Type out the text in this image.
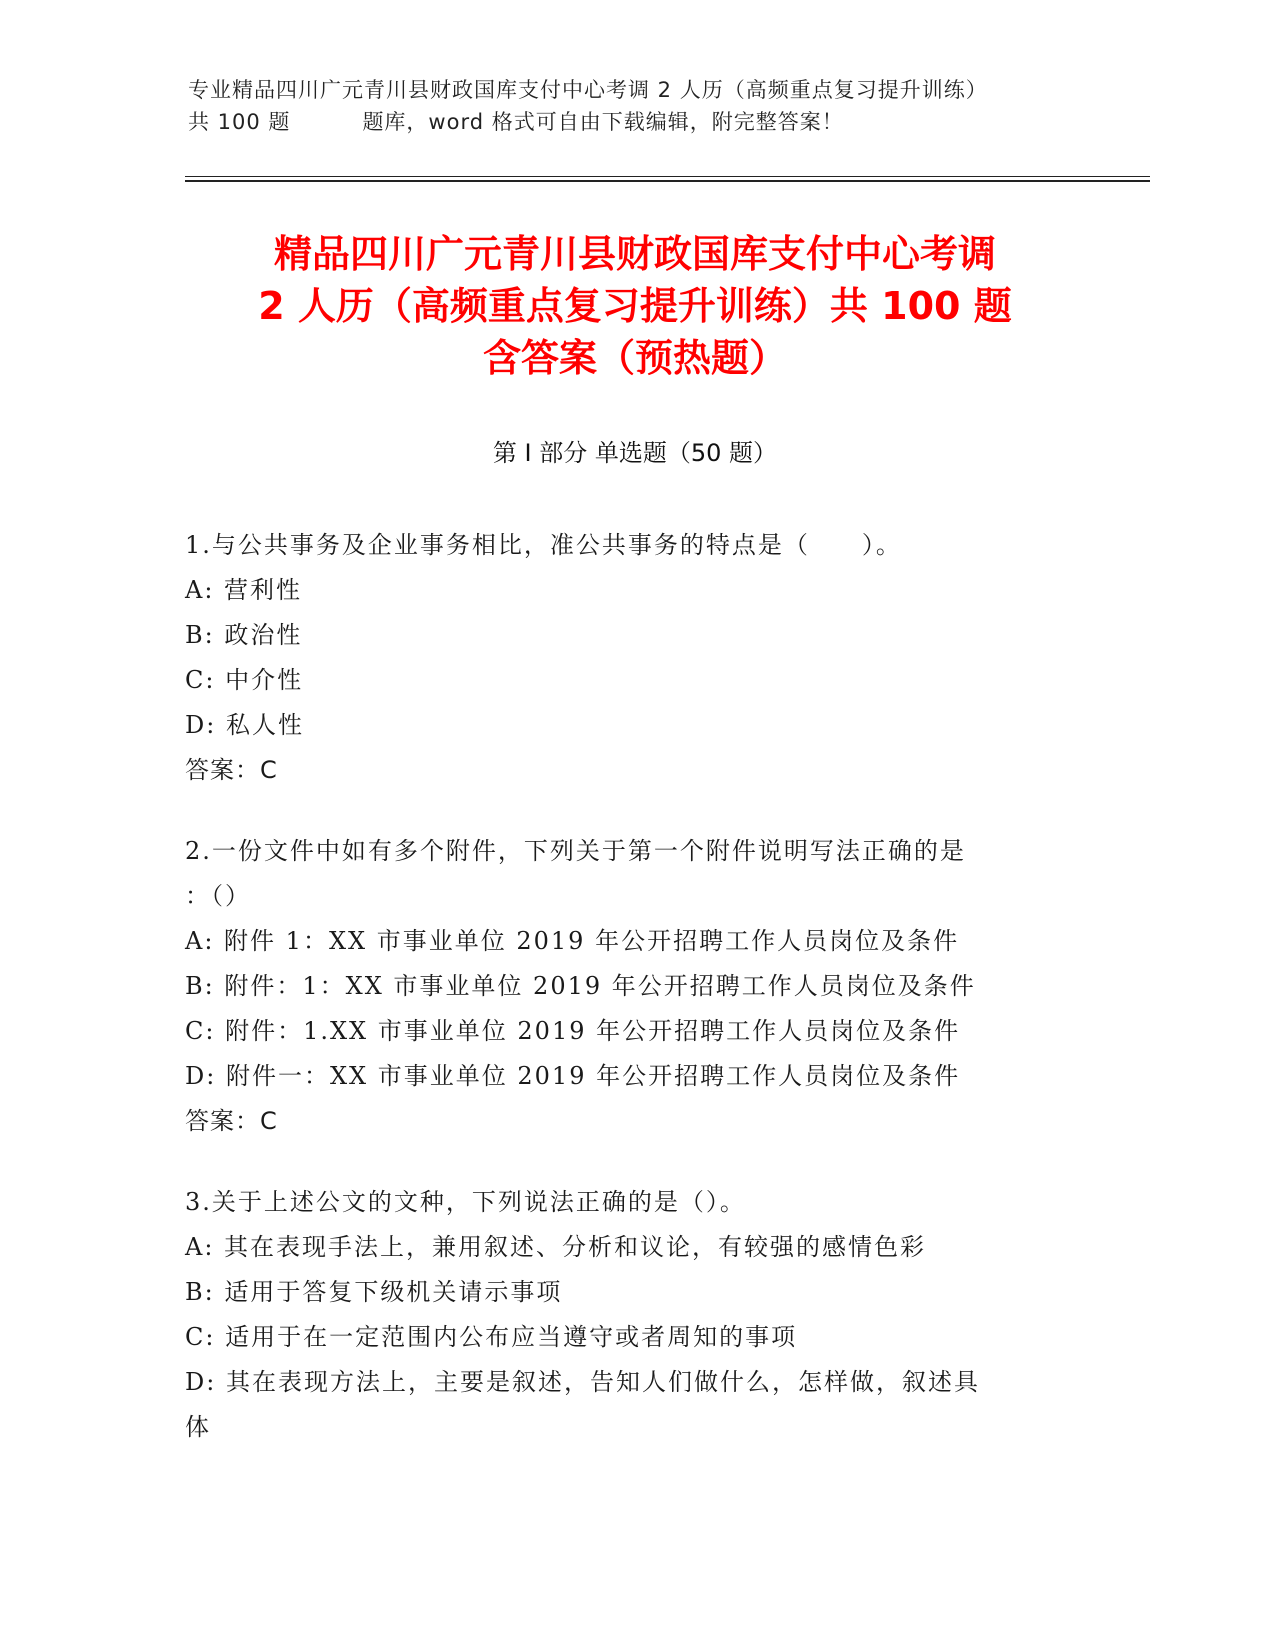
专业精品四川广元青川县财政国库支付中心考调 2 人历（高频重点复习提升训练）
共 100 题	题库，word 格式可自由下载编辑，附完整答案！
精品四川广元青川县财政国库支付中心考调
2 人历（高频重点复习提升训练）共 100 题
含答案（预热题）
第 I 部分 单选题（50 题）
1.与公共事务及企业事务相比，准公共事务的特点是（　　）。
A: 营利性
B: 政治性
C: 中介性
D: 私人性
答案：C
2.一份文件中如有多个附件，下列关于第一个附件说明写法正确的是
：（）
A: 附件 1：XX 市事业单位 2019 年公开招聘工作人员岗位及条件
B: 附件：1：XX 市事业单位 2019 年公开招聘工作人员岗位及条件
C: 附件：1.XX 市事业单位 2019 年公开招聘工作人员岗位及条件
D: 附件一：XX 市事业单位 2019 年公开招聘工作人员岗位及条件
答案：C
3.关于上述公文的文种，下列说法正确的是（）。
A: 其在表现手法上，兼用叙述、分析和议论，有较强的感情色彩
B: 适用于答复下级机关请示事项
C: 适用于在一定范围内公布应当遵守或者周知的事项
D: 其在表现方法上，主要是叙述，告知人们做什么，怎样做，叙述具
体
